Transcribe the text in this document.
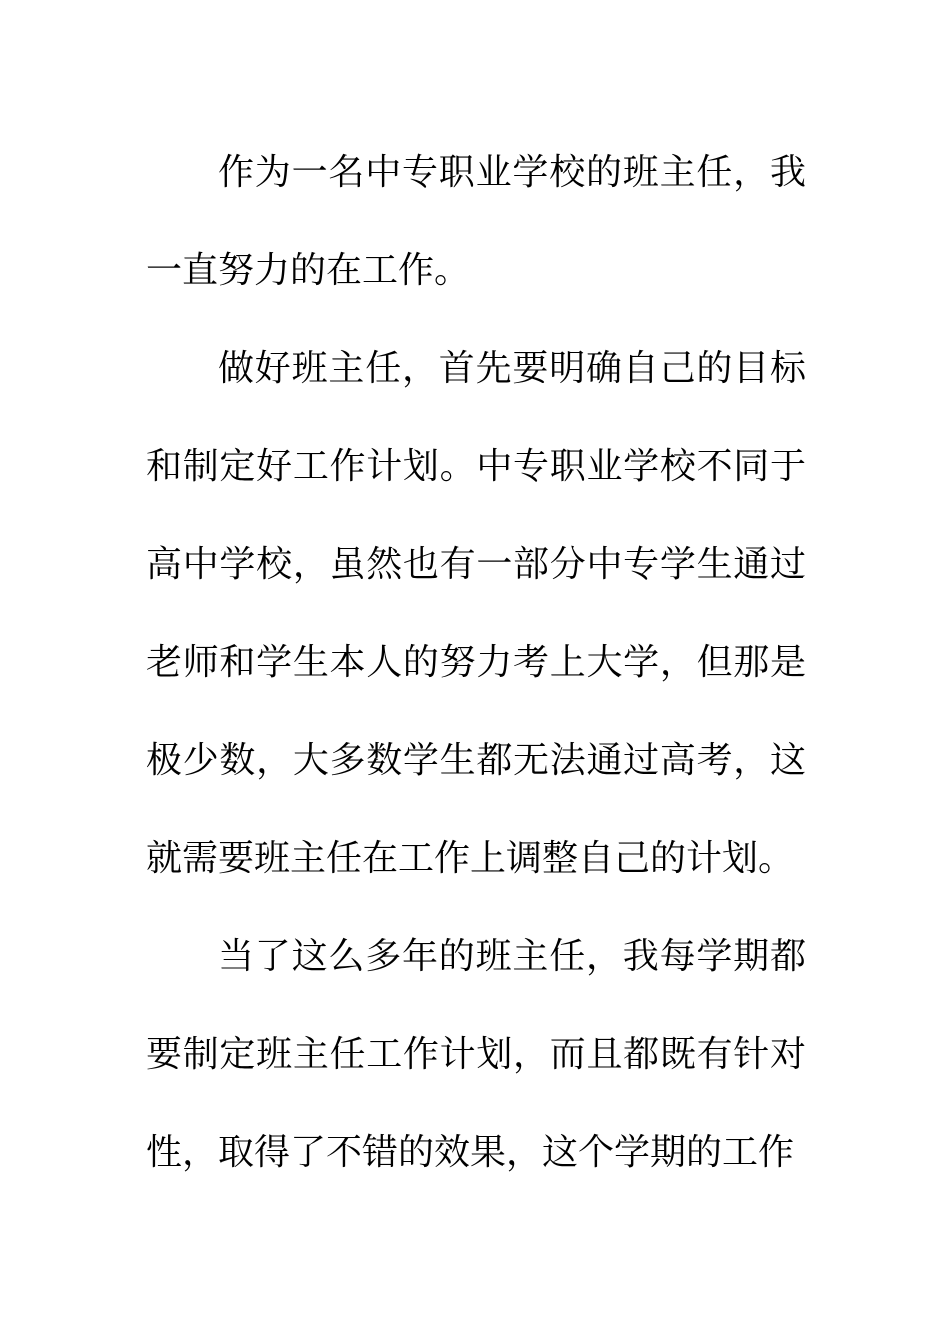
作为一名中专职业学校的班主任，我一直努力的在工作。

做好班主任，首先要明确自己的目标和制定好工作计划。中专职业学校不同于高中学校，虽然也有一部分中专学生通过老师和学生本人的努力考上大学，但那是极少数，大多数学生都无法通过高考，这就需要班主任在工作上调整自己的计划。

当了这么多年的班主任，我每学期都要制定班主任工作计划，而且都既有针对性，取得了不错的效果，这个学期的工作
